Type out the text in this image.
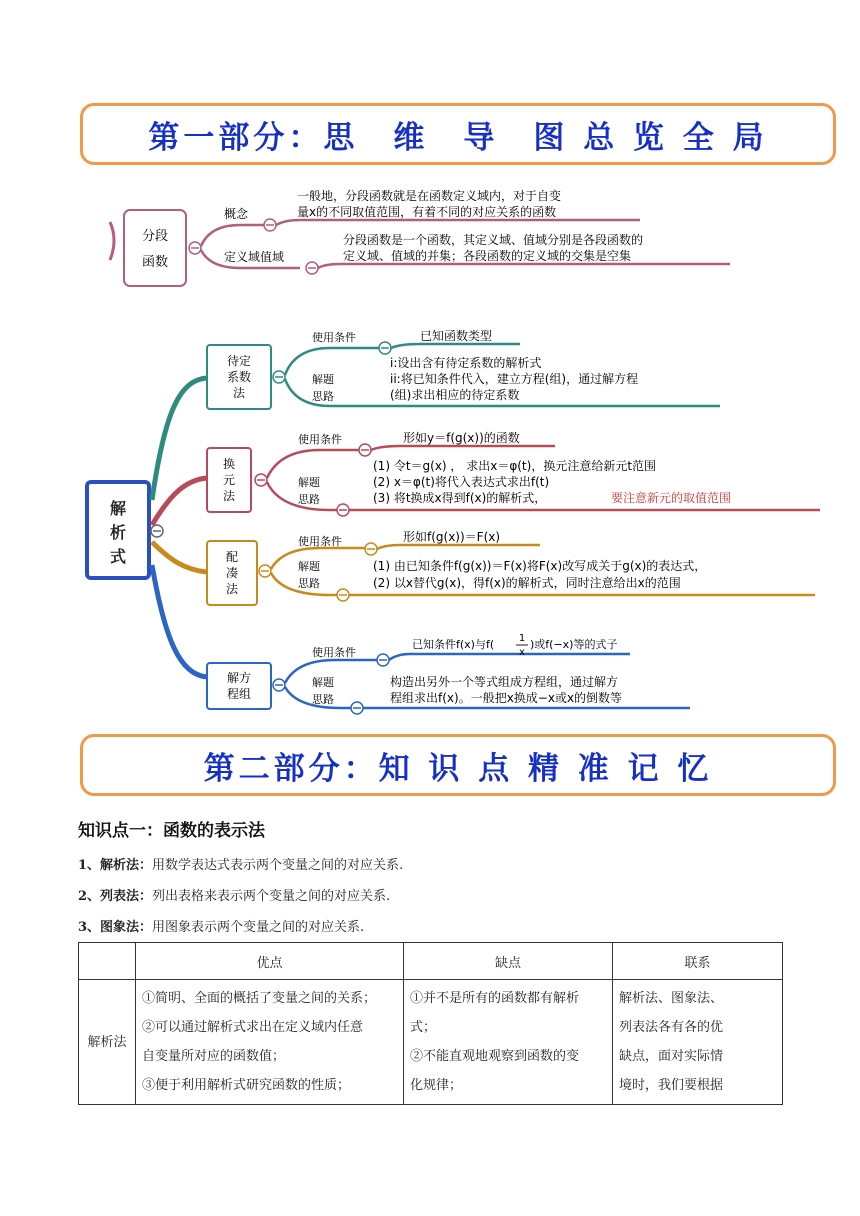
第一部分：思　维　导　图 总 览 全 局
分段
函数
概念
定义域值域
一般地，分段函数就是在函数定义域内，对于自变
量x的不同取值范围，有着不同的对应关系的函数
分段函数是一个函数，其定义域、值域分别是各段函数的
定义域、值域的并集；各段函数的定义域的交集是空集
解
析
式
待定
系数
法
使用条件	已知函数类型
解题
思路
i:设出含有待定系数的解析式
ii:将已知条件代入，建立方程(组)，通过解方程
(组)求出相应的待定系数
换
元
法
使用条件	形如y＝f(g(x))的函数
解题
思路
(1) 令t＝g(x) ， 求出x＝φ(t)，换元注意给新元t范围
(2) x＝φ(t)将代入表达式求出f(t)
(3) 将t换成x得到f(x)的解析式，	要注意新元的取值范围
配
凑
法
使用条件	形如f(g(x))＝F(x)
解题
思路
(1) 由已知条件f(g(x))＝F(x)将F(x)改写成关于g(x)的表达式，
(2) 以x替代g(x)，得f(x)的解析式，同时注意给出x的范围
解方
程组
使用条件
已知条件f(x)与f( 1
x
)或f(−x)等的式子
解题
思路
构造出另外一个等式组成方程组，通过解方
程组求出f(x)。一般把x换成−x或x的倒数等
第二部分：知 识 点 精 准 记 忆
知识点一：函数的表示法
1、解析法：用数学表达式表示两个变量之间的对应关系.
2、列表法：列出表格来表示两个变量之间的对应关系.
3、图象法：用图象表示两个变量之间的对应关系.
	优点	缺点	联系
解析法	①简明、全面的概括了变量之间的关系；
②可以通过解析式求出在定义域内任意
自变量所对应的函数值；
③便于利用解析式研究函数的性质；	①并不是所有的函数都有解析
式；
②不能直观地观察到函数的变
化规律；	解析法、图象法、
列表法各有各的优
缺点，面对实际情
境时，我们要根据
